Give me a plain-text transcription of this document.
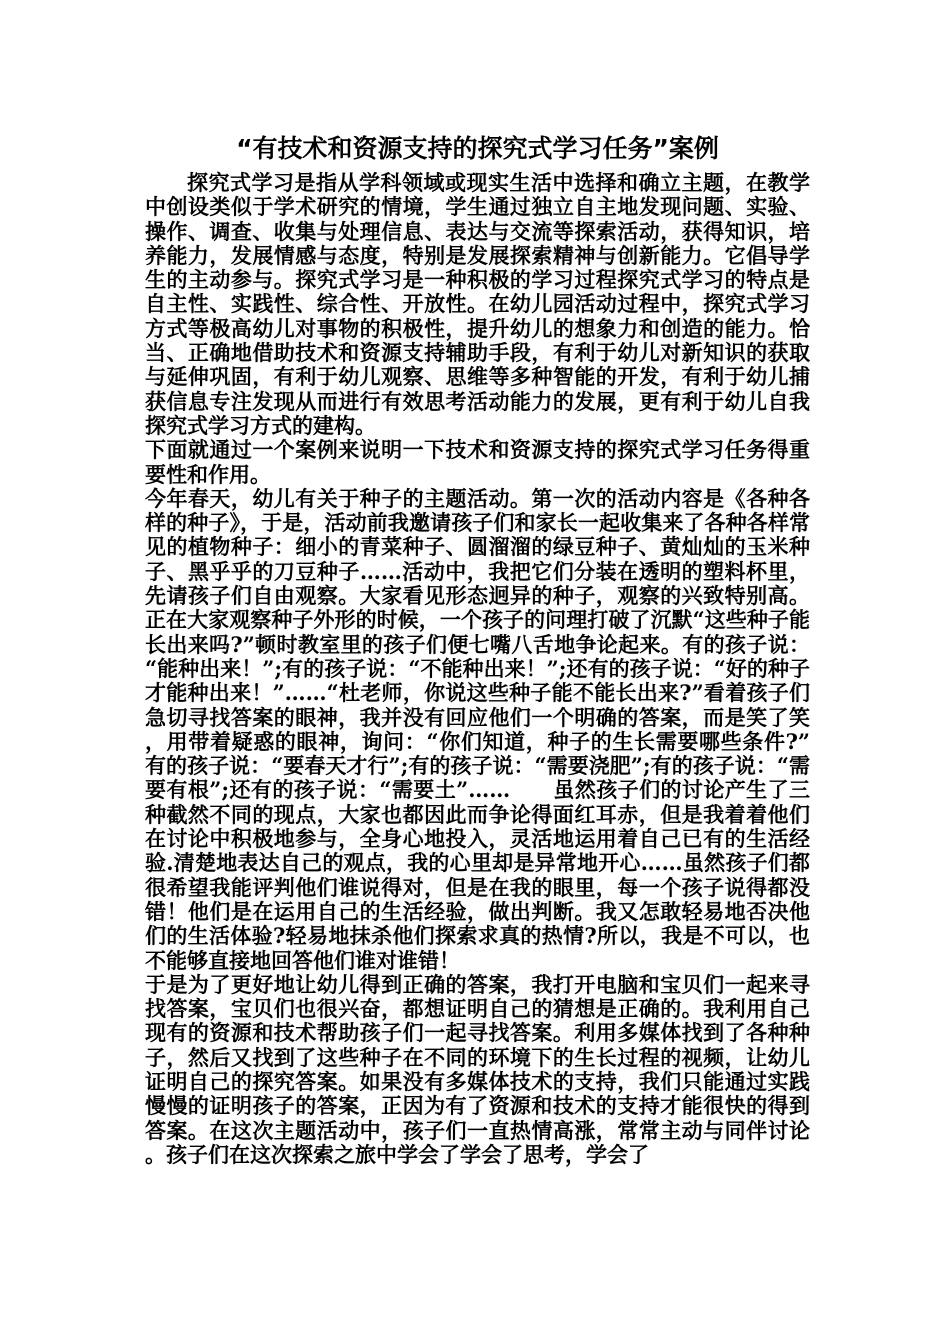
“有技术和资源支持的探究式学习任务”案例

探究式学习是指从学科领域或现实生活中选择和确立主题，在教学中创设类似于学术研究的情境，学生通过独立自主地发现问题、实验、操作、调查、收集与处理信息、表达与交流等探索活动，获得知识，培养能力，发展情感与态度，特别是发展探索精神与创新能力。它倡导学生的主动参与。探究式学习是一种积极的学习过程探究式学习的特点是自主性、实践性、综合性、开放性。在幼儿园活动过程中，探究式学习方式等极高幼儿对事物的积极性，提升幼儿的想象力和创造的能力。恰当、正确地借助技术和资源支持辅助手段，有利于幼儿对新知识的获取与延伸巩固，有利于幼儿观察、思维等多种智能的开发，有利于幼儿捕获信息专注发现从而进行有效思考活动能力的发展，更有利于幼儿自我探究式学习方式的建构。

下面就通过一个案例来说明一下技术和资源支持的探究式学习任务得重要性和作用。

今年春天，幼儿有关于种子的主题活动。第一次的活动内容是《各种各样的种子》，于是，活动前我邀请孩子们和家长一起收集来了各种各样常见的植物种子：细小的青菜种子、圆溜溜的绿豆种子、黄灿灿的玉米种子、黑乎乎的刀豆种子……活动中，我把它们分装在透明的塑料杯里，先请孩子们自由观察。大家看见形态迥异的种子，观察的兴致特别高。正在大家观察种子外形的时候，一个孩子的问理打破了沉默“这些种子能长出来吗?”顿时教室里的孩子们便七嘴八舌地争论起来。有的孩子说：“能种出来！”;有的孩子说：“不能种出来！”;还有的孩子说：“好的种子才能种出来！”……“杜老师，你说这些种子能不能长出来?”看着孩子们急切寻找答案的眼神，我并没有回应他们一个明确的答案，而是笑了笑，用带着疑惑的眼神，询问：“你们知道，种子的生长需要哪些条件?”有的孩子说：“要春天才行”;有的孩子说：“需要浇肥”;有的孩子说：“需要有根”;还有的孩子说：“需要土”……　　虽然孩子们的讨论产生了三种截然不同的现点，大家也都因此而争论得面红耳赤，但是我着着他们在讨论中积极地参与，全身心地投入，灵活地运用着自己已有的生活经验.清楚地表达自己的观点，我的心里却是异常地开心……虽然孩子们都很希望我能评判他们谁说得对，但是在我的眼里，每一个孩子说得都没错！他们是在运用自己的生活经验，做出判断。我又怎敢轻易地否决他们的生活体验?轻易地抹杀他们探索求真的热情?所以，我是不可以，也不能够直接地回答他们谁对谁错！

于是为了更好地让幼儿得到正确的答案，我打开电脑和宝贝们一起来寻找答案，宝贝们也很兴奋，都想证明自己的猜想是正确的。我利用自己现有的资源和技术帮助孩子们一起寻找答案。利用多媒体找到了各种种子，然后又找到了这些种子在不同的环境下的生长过程的视频，让幼儿证明自己的探究答案。如果没有多媒体技术的支持，我们只能通过实践慢慢的证明孩子的答案，正因为有了资源和技术的支持才能很快的得到答案。在这次主题活动中，孩子们一直热情高涨，常常主动与同伴讨论。孩子们在这次探索之旅中学会了学会了思考，学会了
